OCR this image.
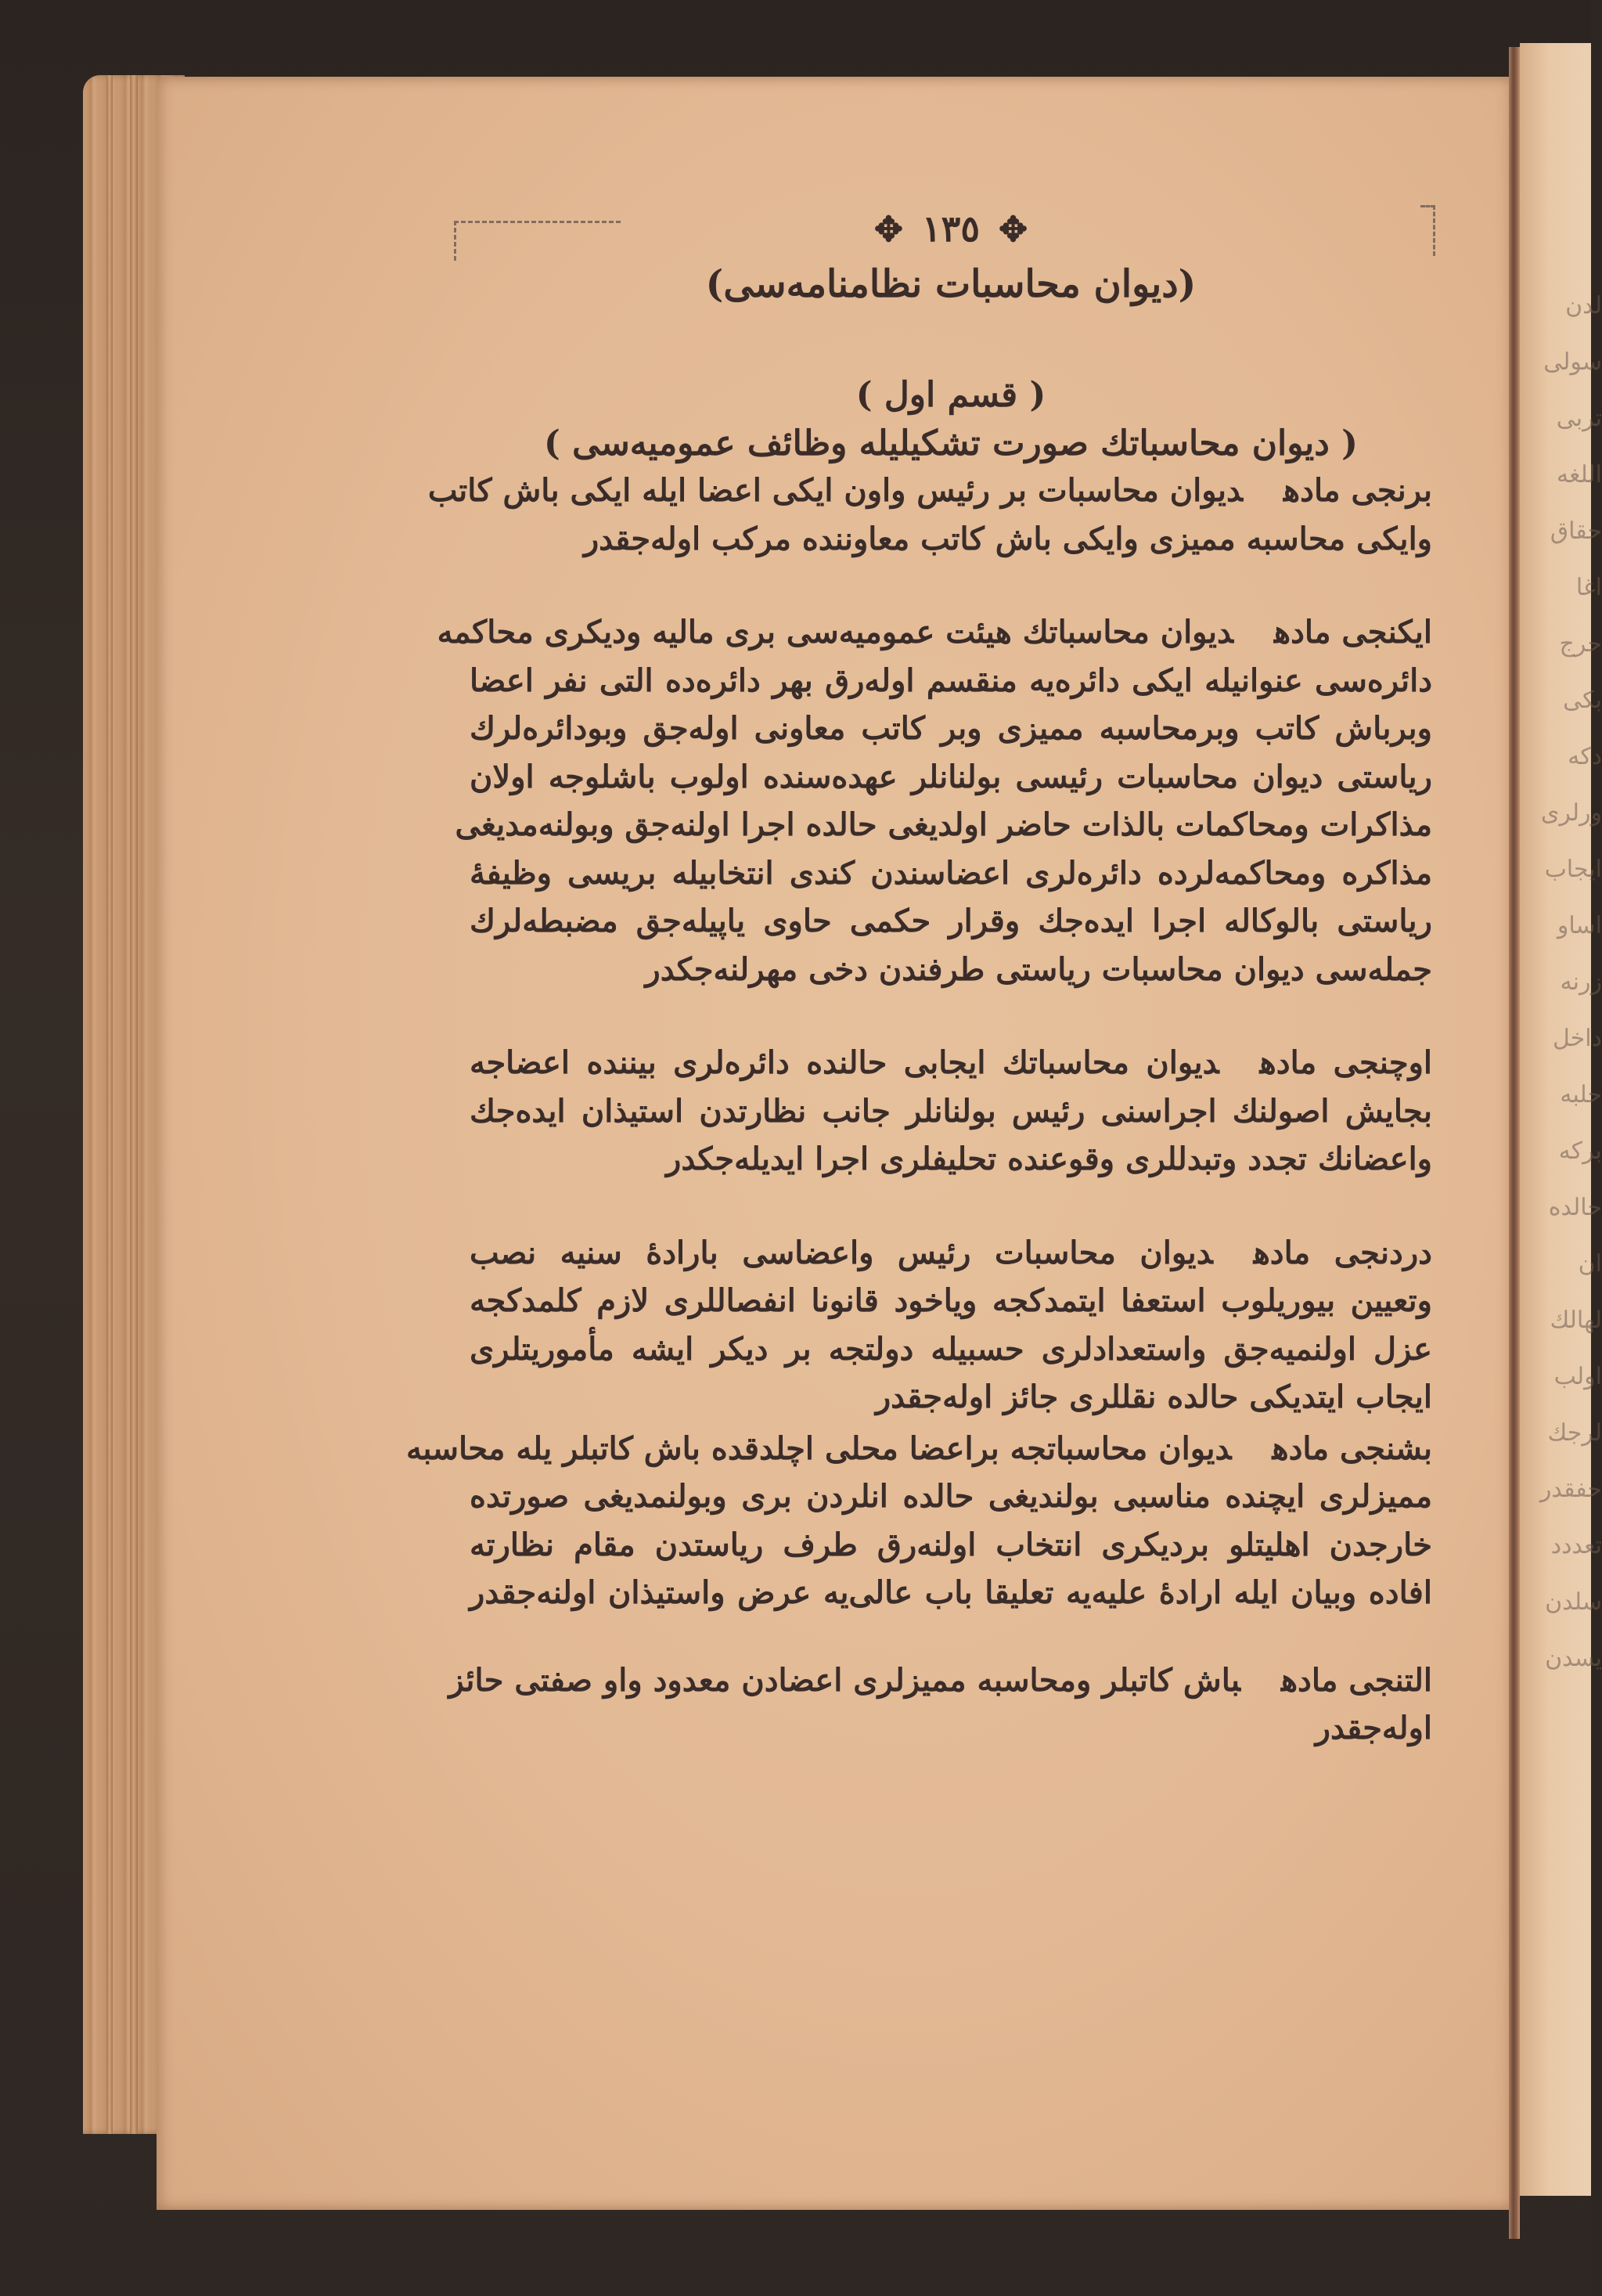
لدن
سولی
تربی
اللغه
حقاق
اغا
حرج
بكی
دكه
ورلری
ایجاب
اساو
زرنه
داخل
حلبه
بركه
حالده
ان
لهالك
اولب
لرجك
حفقدر
تعددد
سلدن
یسدن
✥ ١٣٥ ✥
(دیوان محاسبات نظامنامه‌سی)
( قسم اول )
( دیوان محاسباتك صورت تشكیلیله وظائف عمومیه‌سی )
برنجی مادهدیوان محاسبات بر رئیس واون ایكی اعضا ایله ایكی باش كاتب
وایكی محاسبه ممیزی وایكی باش كاتب معاوننده مركب اوله‌جقدر
ایكنجی مادهدیوان محاسباتك هیئت عمومیه‌سی بری مالیه ودیكری محاكمه
دائره‌سی عنوانیله ایكی دائره‌یه منقسم اوله‌رق بهر دائره‌ده التی نفر اعضا
وبرباش كاتب وبرمحاسبه ممیزی وبر كاتب معاونی اوله‌جق وبودائره‌لرك
ریاستی دیوان محاسبات رئیسی بولنانلر عهده‌سنده اولوب باشلوجه اولان
مذاكرات ومحاكمات بالذات حاضر اولدیغی حالده اجرا اولنه‌جق وبولنه‌مدیغی
مذاكره ومحاكمه‌لرده دائره‌لری اعضاسندن كندی انتخابیله بریسی وظیفهٔ
ریاستی بالوكاله اجرا ایده‌جك وقرار حكمی حاوی یاپیله‌جق مضبطه‌لرك
جمله‌سی دیوان محاسبات ریاستی طرفندن دخی مهرلنه‌جكدر
اوچنجی مادهدیوان محاسباتك ایجابی حالنده دائره‌لری بیننده اعضاجه
بجایش اصولنك اجراسنی رئیس بولنانلر جانب نظارتدن استیذان ایده‌جك
واعضانك تجدد وتبدللری وقوعنده تحلیفلری اجرا ایدیله‌جكدر
دردنجی مادهدیوان محاسبات رئیس واعضاسی بارادهٔ سنیه نصب
وتعیین بیوریلوب استعفا ایتمدكجه ویاخود قانونا انفصاللری لازم كلمدكجه
عزل اولنمیه‌جق واستعدادلری حسبیله دولتجه بر دیكر ایشه مأموریتلری
ایجاب ایتدیكی حالده نقللری جائز اوله‌جقدر
بشنجی مادهدیوان محاسباتجه براعضا محلی اچلدقده باش كاتبلر یله محاسبه
ممیزلری ایچنده مناسبی بولندیغی حالده انلردن بری وبولنمدیغی صورتده
خارجدن اهلیتلو بردیكری انتخاب اولنه‌رق طرف ریاستدن مقام نظارته
افاده وبیان ایله ارادهٔ علیه‌یه تعلیقا باب عالی‌یه عرض واستیذان اولنه‌جقدر
التنجی مادهباش كاتبلر ومحاسبه ممیزلری اعضادن معدود واو صفتی حائز
اوله‌جقدر
